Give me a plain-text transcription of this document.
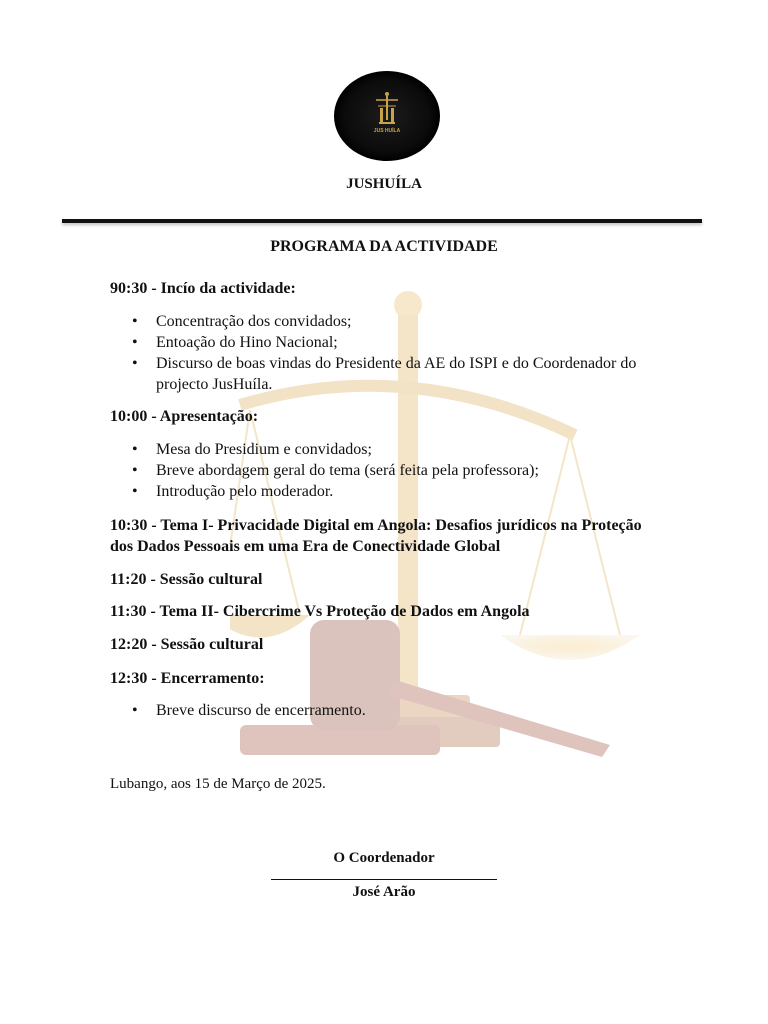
JUS HUÍLA
JUSHUÍLA
PROGRAMA DA ACTIVIDADE

90:30 - Incío da actividade:

• Concentração dos convidados;
• Entoação do Hino Nacional;
• Discurso de boas vindas do Presidente da AE do ISPI e do Coordenador do projecto JusHuíla.

10:00 - Apresentação:

• Mesa do Presidium e convidados;
• Breve abordagem geral do tema (será feita pela professora);
• Introdução pelo moderador.

10:30 - Tema I- Privacidade Digital em Angola: Desafios jurídicos na Proteção dos Dados Pessoais em uma Era de Conectividade Global

11:20 - Sessão cultural

11:30 - Tema II- Cibercrime Vs Proteção de Dados em Angola

12:20 - Sessão cultural

12:30 - Encerramento:

• Breve discurso de encerramento.
Lubango, aos 15 de Março de 2025.
O Coordenador
José Arão
